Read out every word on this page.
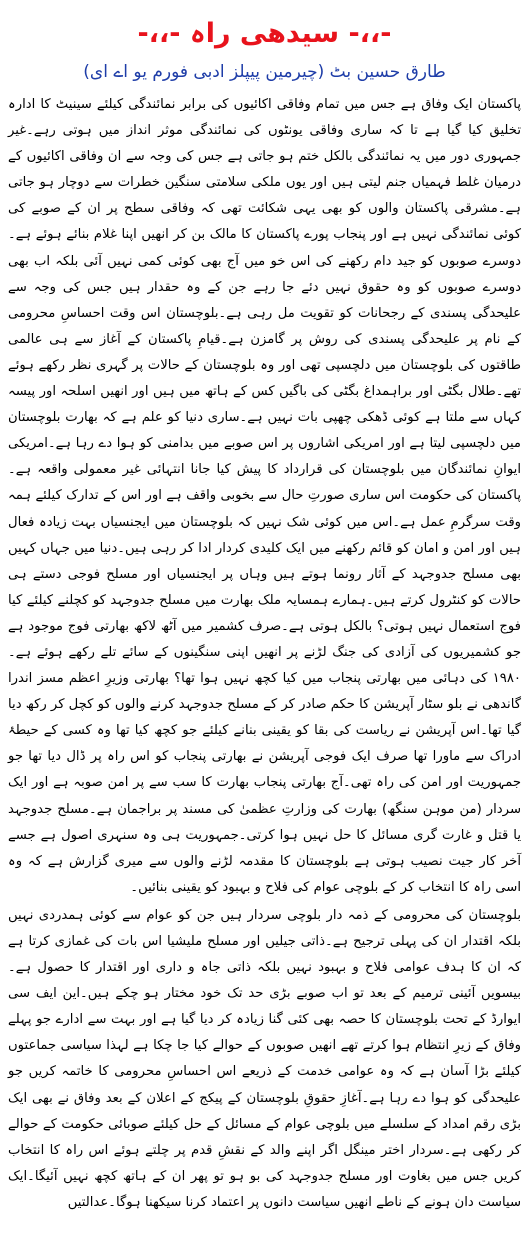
-،،- سیدھی راہ -،،-
طارق حسین بٹ (چیرمین پیپلز ادبی فورم یو اے ای)

پاکستان ایک وفاق ہے جس میں تمام وفاقی اکائیوں کی برابر نمائندگی کیلئے سینیٹ کا ادارہ تخلیق کیا گیا ہے تا کہ ساری وفاقی یونٹوں کی نمائندگی موثر انداز میں ہوتی رہے۔غیر جمہوری دور میں یہ نمائندگی بالکل ختم ہو جاتی ہے جس کی وجہ سے ان وفاقی اکائیوں کے درمیان غلط فہمیاں جنم لیتی ہیں اور یوں ملکی سلامتی سنگین خطرات سے دوچار ہو جاتی ہے۔مشرقی پاکستان والوں کو بھی یہی شکائت تھی کہ وفاقی سطح پر ان کے صوبے کی کوئی نمائندگی نہیں ہے اور پنجاب پورے پاکستان کا مالک بن کر انھیں اپنا غلام بنائے ہوئے ہے۔دوسرے صوبوں کو جید دام رکھنے کی اس خو میں آج بھی کوئی کمی نہیں آئی بلکہ اب بھی دوسرے صوبوں کو وہ حقوق نہیں دئے جا رہے جن کے وہ حقدار ہیں جس کی وجہ سے علیحدگی پسندی کے رجحانات کو تقویت مل رہی ہے۔بلوچستان اس وقت احساسِ محرومی کے نام پر علیحدگی پسندی کی روش پر گامزن ہے۔قیامِ پاکستان کے آغاز سے ہی عالمی طاقتوں کی بلوچستان میں دلچسپی تھی اور وہ بلوچستان کے حالات پر گہری نظر رکھے ہوئے تھے۔طلال بگٹی اور براہمداغ بگٹی کی باگیں کس کے ہاتھ میں ہیں اور انھیں اسلحہ اور پیسہ کہاں سے ملتا ہے کوئی ڈھکی چھپی بات نہیں ہے۔ساری دنیا کو علم ہے کہ بھارت بلوچستان میں دلچسپی لیتا ہے اور امریکی اشاروں پر اس صوبے میں بدامنی کو ہوا دے رہا ہے۔امریکی ایوانِ نمائندگان میں بلوچستان کی قرارداد کا پیش کیا جانا انتہائی غیر معمولی واقعہ ہے۔پاکستان کی حکومت اس ساری صورتِ حال سے بخوبی واقف ہے اور اس کے تدارک کیلئے ہمہ وقت سرگرمِ عمل ہے۔اس میں کوئی شک نہیں کہ بلوچستان میں ایجنسیاں بہت زیادہ فعال ہیں اور امن و امان کو قائم رکھنے میں ایک کلیدی کردار ادا کر رہی ہیں۔دنیا میں جہاں کہیں بھی مسلح جدوجہد کے آثار رونما ہوتے ہیں وہاں پر ایجنسیاں اور مسلح فوجی دستے ہی حالات کو کنٹرول کرتے ہیں۔ہمارے ہمسایہ ملک بھارت میں مسلح جدوجہد کو کچلنے کیلئے کیا فوج استعمال نہیں ہوتی؟ بالکل ہوتی ہے۔صرف کشمیر میں آٹھ لاکھ بھارتی فوج موجود ہے جو کشمیریوں کی آزادی کی جنگ لڑنے پر انھیں اپنی سنگینوں کے سائے تلے رکھے ہوئے ہے۔۱۹۸۰ کی دہائی میں بھارتی پنجاب میں کیا کچھ نہیں ہوا تھا؟ بھارتی وزیرِ اعظم مسز اندرا گاندھی نے بلو سٹار آپریشن کا حکم صادر کر کے مسلح جدوجہد کرنے والوں کو کچل کر رکھ دیا گیا تھا۔اس آپریشن نے ریاست کی بقا کو یقینی بنانے کیلئے جو کچھ کیا تھا وہ کسی کے حیطۂ ادراک سے ماورا تھا صرف ایک فوجی آپریشن نے بھارتی پنجاب کو اس راہ پر ڈال دیا تھا جو جمہوریت اور امن کی راہ تھی۔آج بھارتی پنجاب بھارت کا سب سے پر امن صوبہ ہے اور ایک سردار (من موہن سنگھ) بھارت کی وزارتِ عظمیٰ کی مسند پر براجمان ہے۔مسلح جدوجہد یا قتل و غارت گری مسائل کا حل نہیں ہوا کرتی۔جمہوریت ہی وہ سنہری اصول ہے جسے آخر کار جیت نصیب ہوتی ہے بلوچستان کا مقدمہ لڑنے والوں سے میری گزارش ہے کہ وہ اسی راہ کا انتخاب کر کے بلوچی عوام کی فلاح و بہبود کو یقینی بنائیں۔

بلوچستان کی محرومی کے ذمہ دار بلوچی سردار ہیں جن کو عوام سے کوئی ہمدردی نہیں بلکہ اقتدار ان کی پہلی ترجیح ہے۔ذاتی جیلیں اور مسلح ملیشیا اس بات کی غمازی کرتا ہے کہ ان کا ہدف عوامی فلاح و بہبود نہیں بلکہ ذاتی جاہ و داری اور اقتدار کا حصول ہے۔بیسویں آئینی ترمیم کے بعد تو اب صوبے بڑی حد تک خود مختار ہو چکے ہیں۔این ایف سی ایوارڈ کے تحت بلوچستان کا حصہ بھی کئی گنا زیادہ کر دیا گیا ہے اور بہت سے ادارے جو پہلے وفاق کے زیرِ انتظام ہوا کرتے تھے انھیں صوبوں کے حوالے کیا جا چکا ہے لہذا سیاسی جماعتوں کیلئے بڑا آسان ہے کہ وہ عوامی خدمت کے ذریعے اس احساسِ محرومی کا خاتمہ کریں جو علیحدگی کو ہوا دے رہا ہے۔آغازِ حقوقِ بلوچستان کے پیکج کے اعلان کے بعد وفاق نے بھی ایک بڑی رقم امداد کے سلسلے میں بلوچی عوام کے مسائل کے حل کیلئے صوبائی حکومت کے حوالے کر رکھی ہے۔سردار اختر مینگل اگر اپنے والد کے نقشِ قدم پر چلتے ہوئے اس راہ کا انتخاب کریں جس میں بغاوت اور مسلح جدوجہد کی بو ہو تو پھر ان کے ہاتھ کچھ نہیں آئیگا۔ایک سیاست دان ہونے کے ناطے انھیں سیاست دانوں پر اعتماد کرنا سیکھنا ہوگا۔عدالتیں
